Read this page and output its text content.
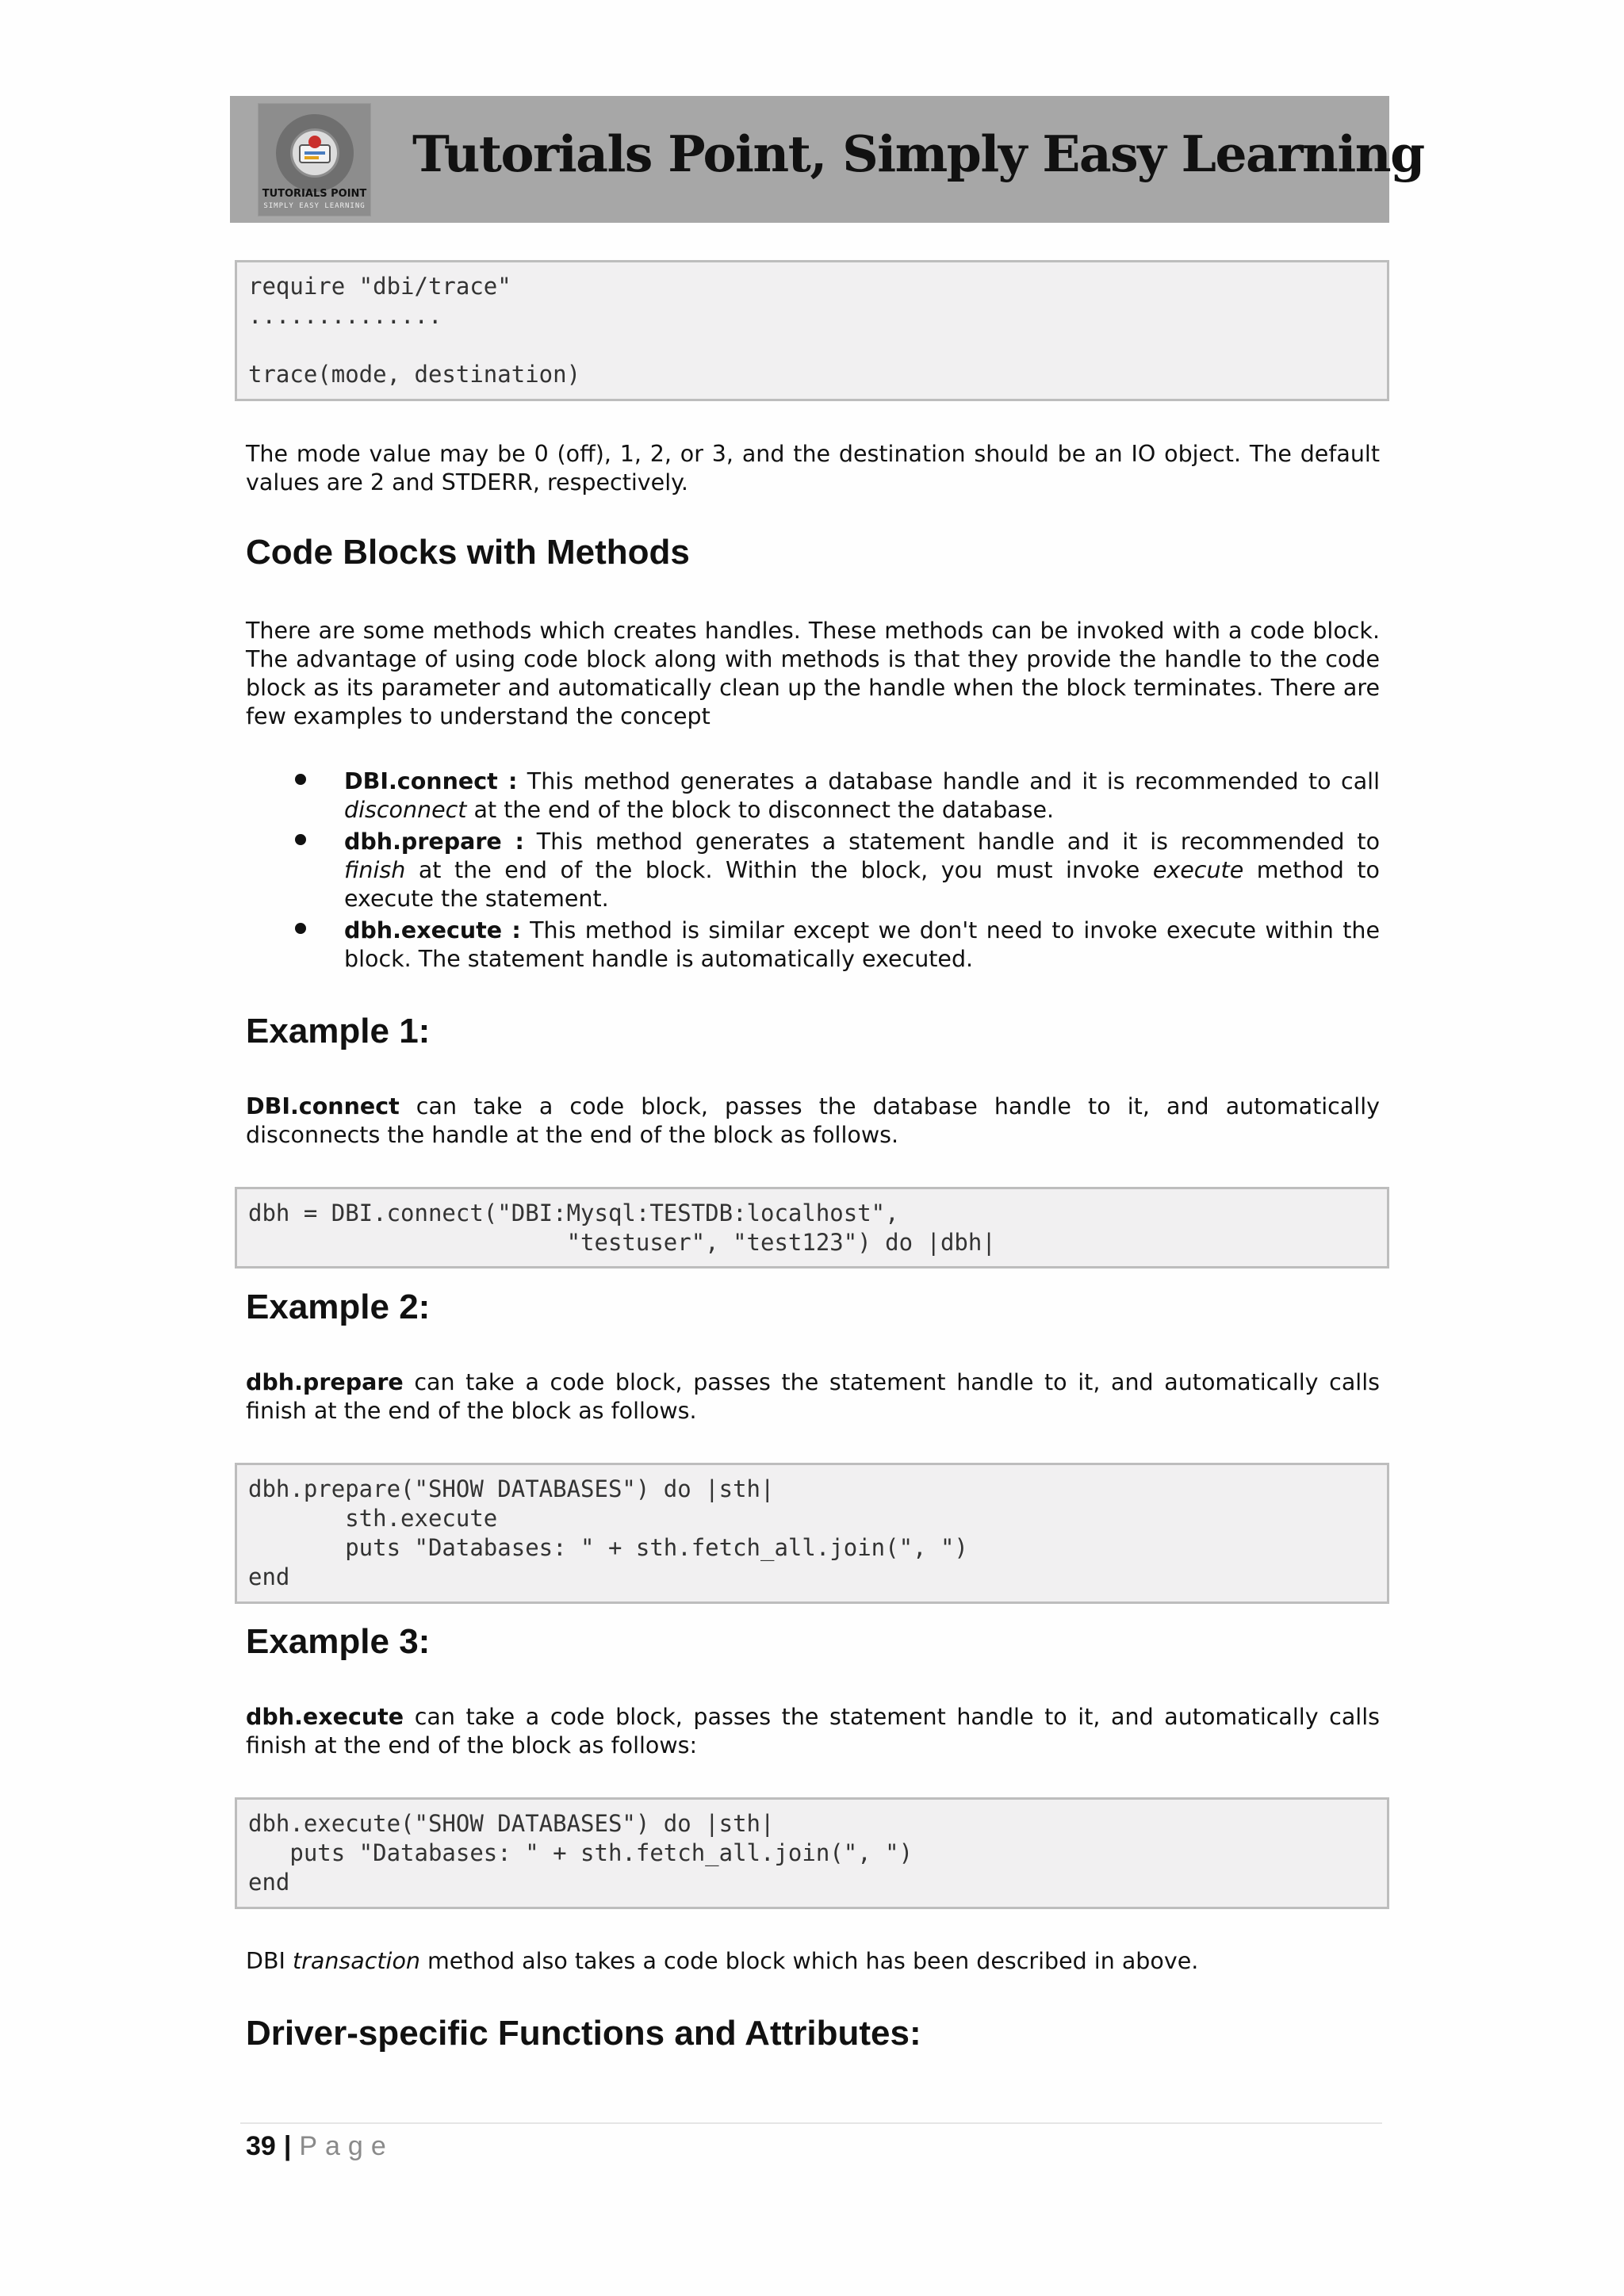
TUTORIALS POINT
SIMPLY EASY LEARNING
Tutorials Point, Simply Easy Learning
require "dbi/trace"
..............

trace(mode, destination)

The mode value may be 0 (off), 1, 2, or 3, and the destination should be an IO object. The default values are 2 and STDERR, respectively.

Code Blocks with Methods

There are some methods which creates handles. These methods can be invoked with a code block. The advantage of using code block along with methods is that they provide the handle to the code block as its parameter and automatically clean up the handle when the block terminates. There are few examples to understand the concept

DBI.connect : This method generates a database handle and it is recommended to call disconnect at the end of the block to disconnect the database.
dbh.prepare : This method generates a statement handle and it is recommended to finish at the end of the block. Within the block, you must invoke execute method to execute the statement.
dbh.execute : This method is similar except we don't need to invoke execute within the block. The statement handle is automatically executed.
Example 1:

DBI.connect can take a code block, passes the database handle to it, and automatically disconnects the handle at the end of the block as follows.

dbh = DBI.connect("DBI:Mysql:TESTDB:localhost",
"testuser", "test123") do |dbh|
Example 2:

dbh.prepare can take a code block, passes the statement handle to it, and automatically calls finish at the end of the block as follows.

dbh.prepare("SHOW DATABASES") do |sth|
sth.execute
puts "Databases: " + sth.fetch_all.join(", ")
end
Example 3:

dbh.execute can take a code block, passes the statement handle to it, and automatically calls finish at the end of the block as follows:

dbh.execute("SHOW DATABASES") do |sth|
puts "Databases: " + sth.fetch_all.join(", ")
end

DBI transaction method also takes a code block which has been described in above.

Driver-specific Functions and Attributes:
39 | Page
